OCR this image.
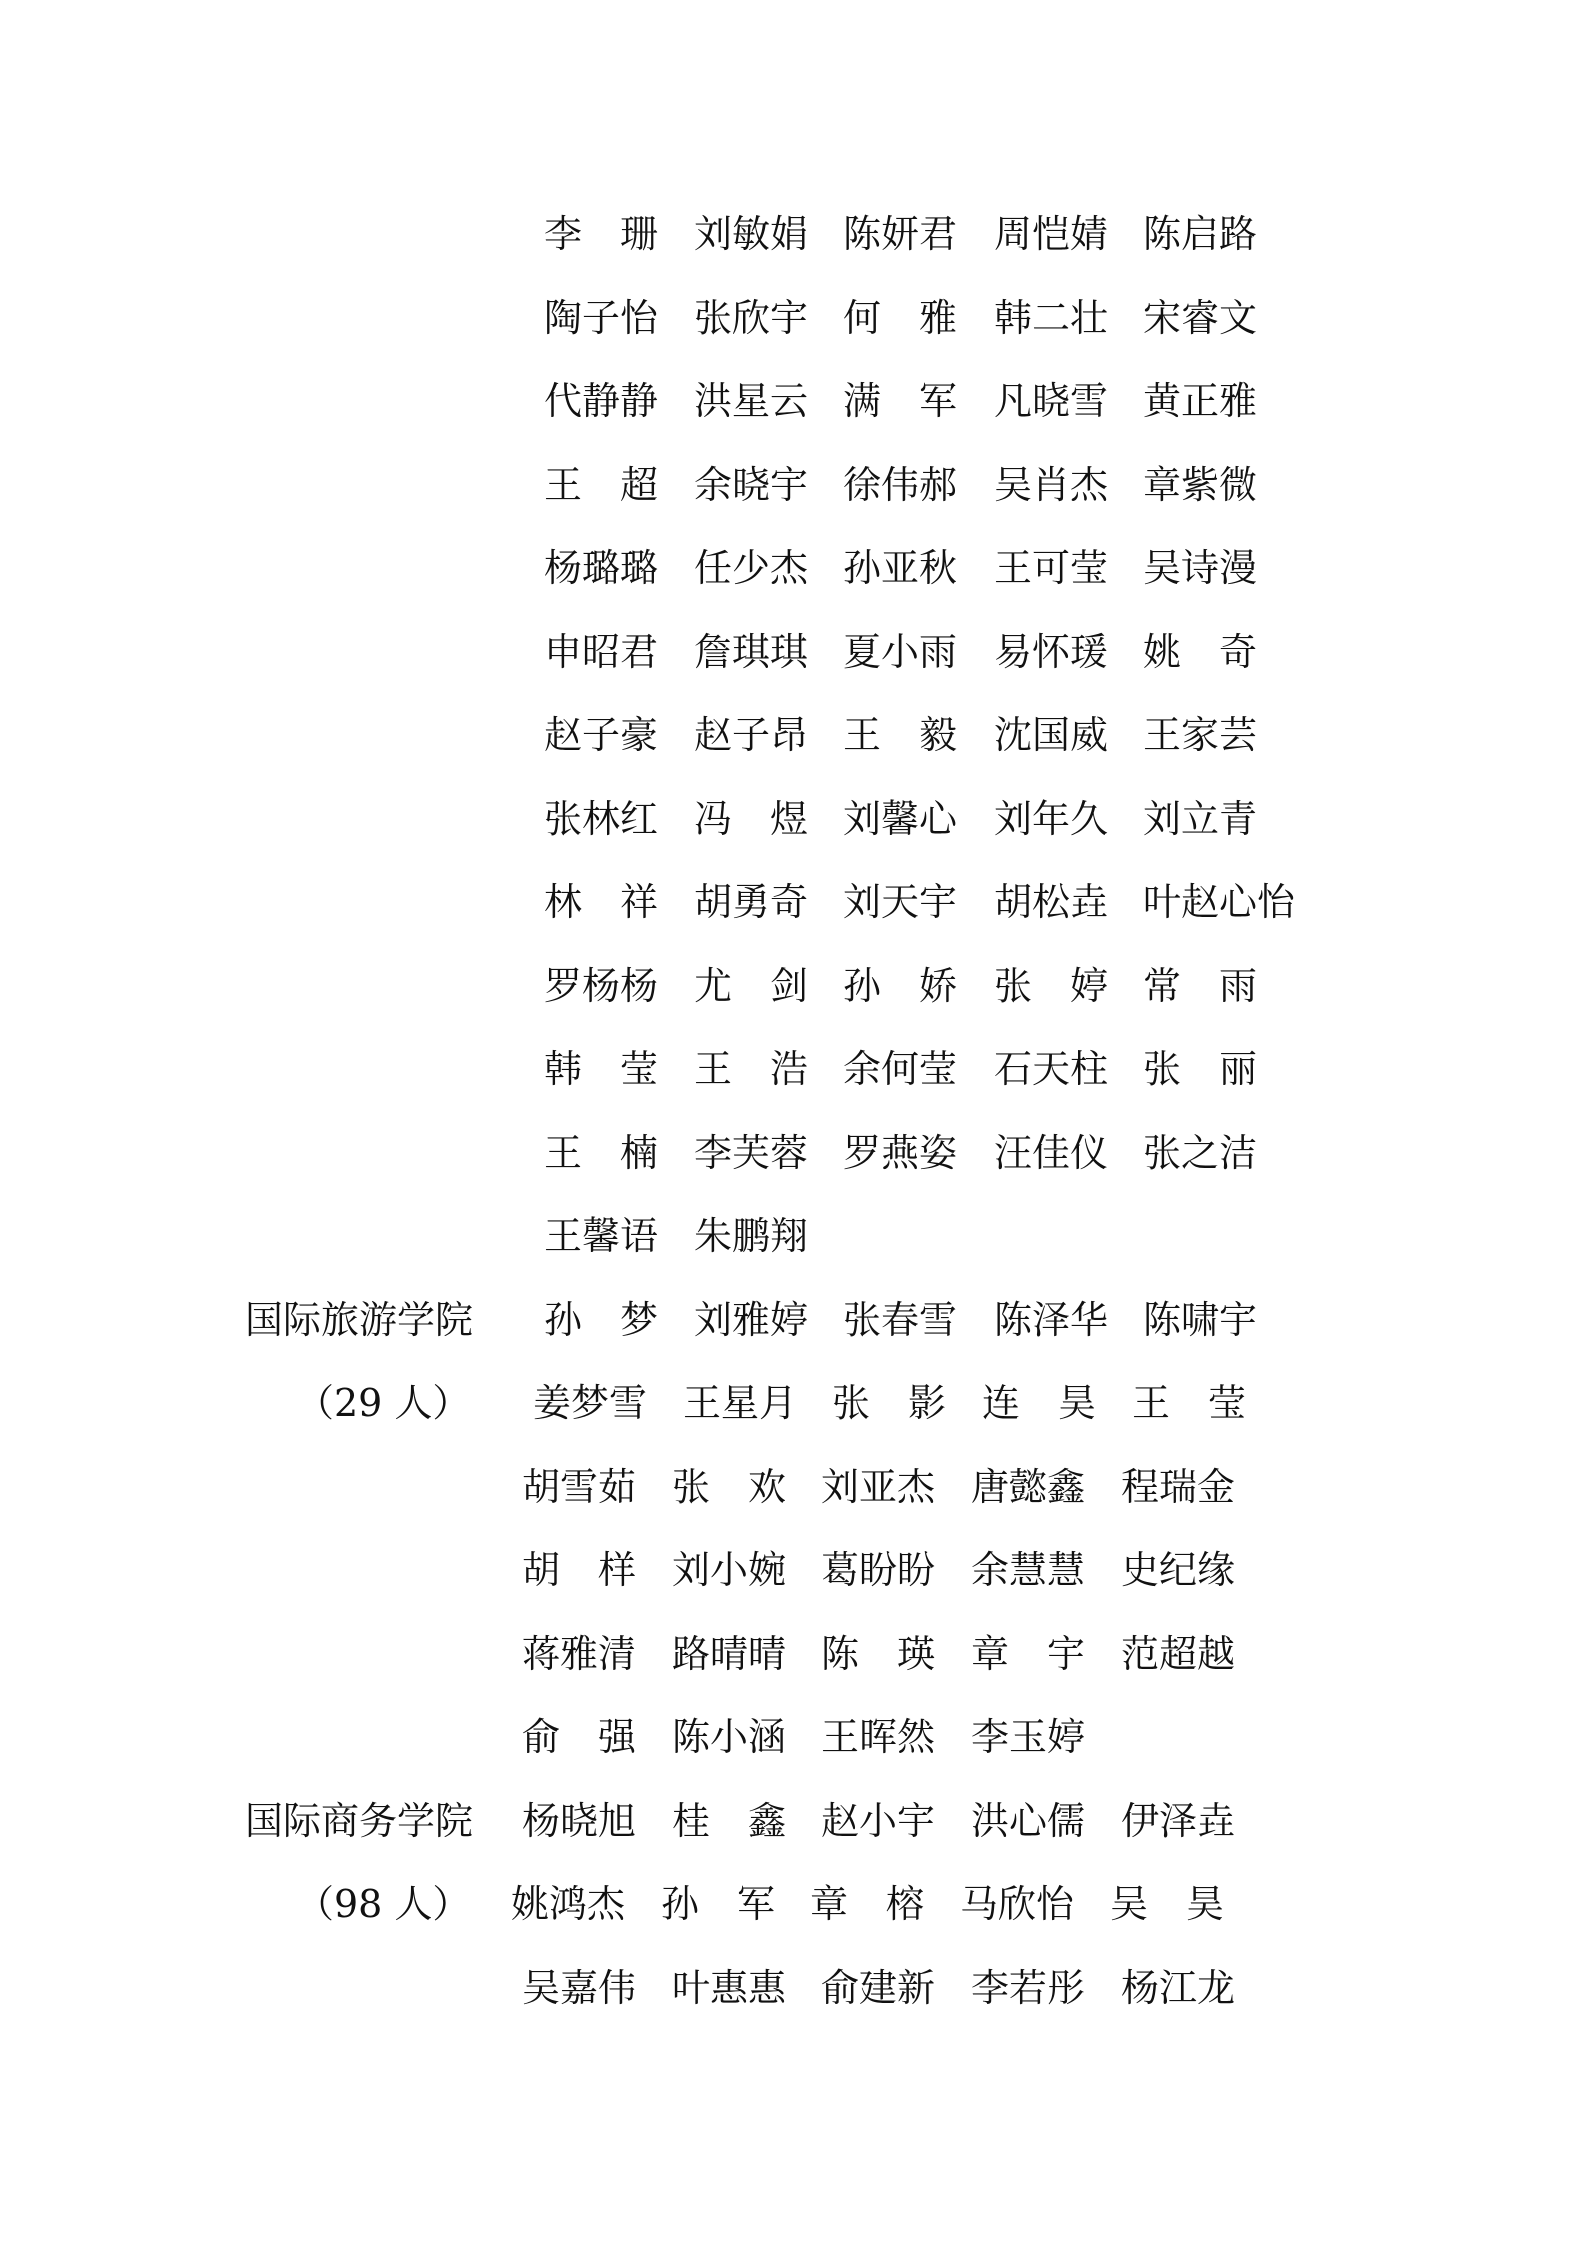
李　珊 刘敏娟 陈妍君 周恺婧 陈启路
陶子怡 张欣宇 何　雅 韩二壮 宋睿文
代静静 洪星云 满　军 凡晓雪 黄正雅
王　超 余晓宇 徐伟郝 吴肖杰 章紫微
杨璐璐 任少杰 孙亚秋 王可莹 吴诗漫
申昭君 詹琪琪 夏小雨 易怀瑗 姚　奇
赵子豪 赵子昂 王　毅 沈国威 王家芸
张林红 冯　煜 刘馨心 刘年久 刘立青
林　祥 胡勇奇 刘天宇 胡松垚 叶赵心怡
罗杨杨 尤　剑 孙　娇 张　婷 常　雨
韩　莹 王　浩 余何莹 石天柱 张　丽
王　楠 李芙蓉 罗燕姿 汪佳仪 张之洁
王馨语 朱鹏翔
国际旅游学院
（29 人）
孙　梦 刘雅婷 张春雪 陈泽华 陈啸宇
姜梦雪 王星月 张　影 连　昊 王　莹
胡雪茹 张　欢 刘亚杰 唐懿鑫 程瑞金
胡　样 刘小婉 葛盼盼 余慧慧 史纪缘
蒋雅清 路晴晴 陈　瑛 章　宇 范超越
俞　强 陈小涵 王晖然 李玉婷
国际商务学院
（98 人）
杨晓旭 桂　鑫 赵小宇 洪心儒 伊泽垚
姚鸿杰 孙　军 章　榕 马欣怡 吴　昊
吴嘉伟 叶惠惠 俞建新 李若彤 杨江龙
